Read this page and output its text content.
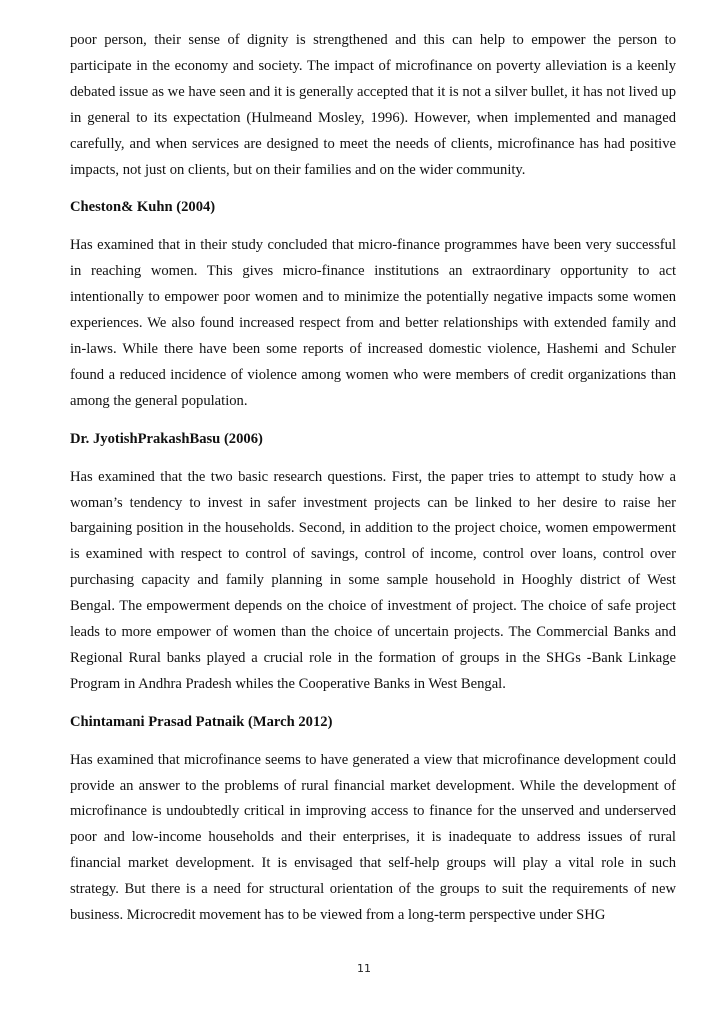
poor person, their sense of dignity is strengthened and this can help to empower the person to participate in the economy and society. The impact of microfinance on poverty alleviation is a keenly debated issue as we have seen and it is generally accepted that it is not a silver bullet, it has not lived up in general to its expectation (Hulmeand Mosley, 1996). However, when implemented and managed carefully, and when services are designed to meet the needs of clients, microfinance has had positive impacts, not just on clients, but on their families and on the wider community.

Cheston& Kuhn (2004)

Has examined that in their study concluded that micro-finance programmes have been very successful in reaching women. This gives micro-finance institutions an extraordinary opportunity to act intentionally to empower poor women and to minimize the potentially negative impacts some women experiences. We also found increased respect from and better relationships with extended family and in-laws. While there have been some reports of increased domestic violence, Hashemi and Schuler found a reduced incidence of violence among women who were members of credit organizations than among the general population.

Dr. JyotishPrakashBasu (2006)

Has examined that the two basic research questions. First, the paper tries to attempt to study how a woman’s tendency to invest in safer investment projects can be linked to her desire to raise her bargaining position in the households. Second, in addition to the project choice, women empowerment is examined with respect to control of savings, control of income, control over loans, control over purchasing capacity and family planning in some sample household in Hooghly district of West Bengal. The empowerment depends on the choice of investment of project. The choice of safe project leads to more empower of women than the choice of uncertain projects. The Commercial Banks and Regional Rural banks played a crucial role in the formation of groups in the SHGs -Bank Linkage Program in Andhra Pradesh whiles the Cooperative Banks in West Bengal.

Chintamani Prasad Patnaik (March 2012)

Has examined that microfinance seems to have generated a view that microfinance development could provide an answer to the problems of rural financial market development. While the development of microfinance is undoubtedly critical in improving access to finance for the unserved and underserved poor and low-income households and their enterprises, it is inadequate to address issues of rural financial market development. It is envisaged that self-help groups will play a vital role in such strategy. But there is a need for structural orientation of the groups to suit the requirements of new business. Microcredit movement has to be viewed from a long-term perspective under SHG

11
